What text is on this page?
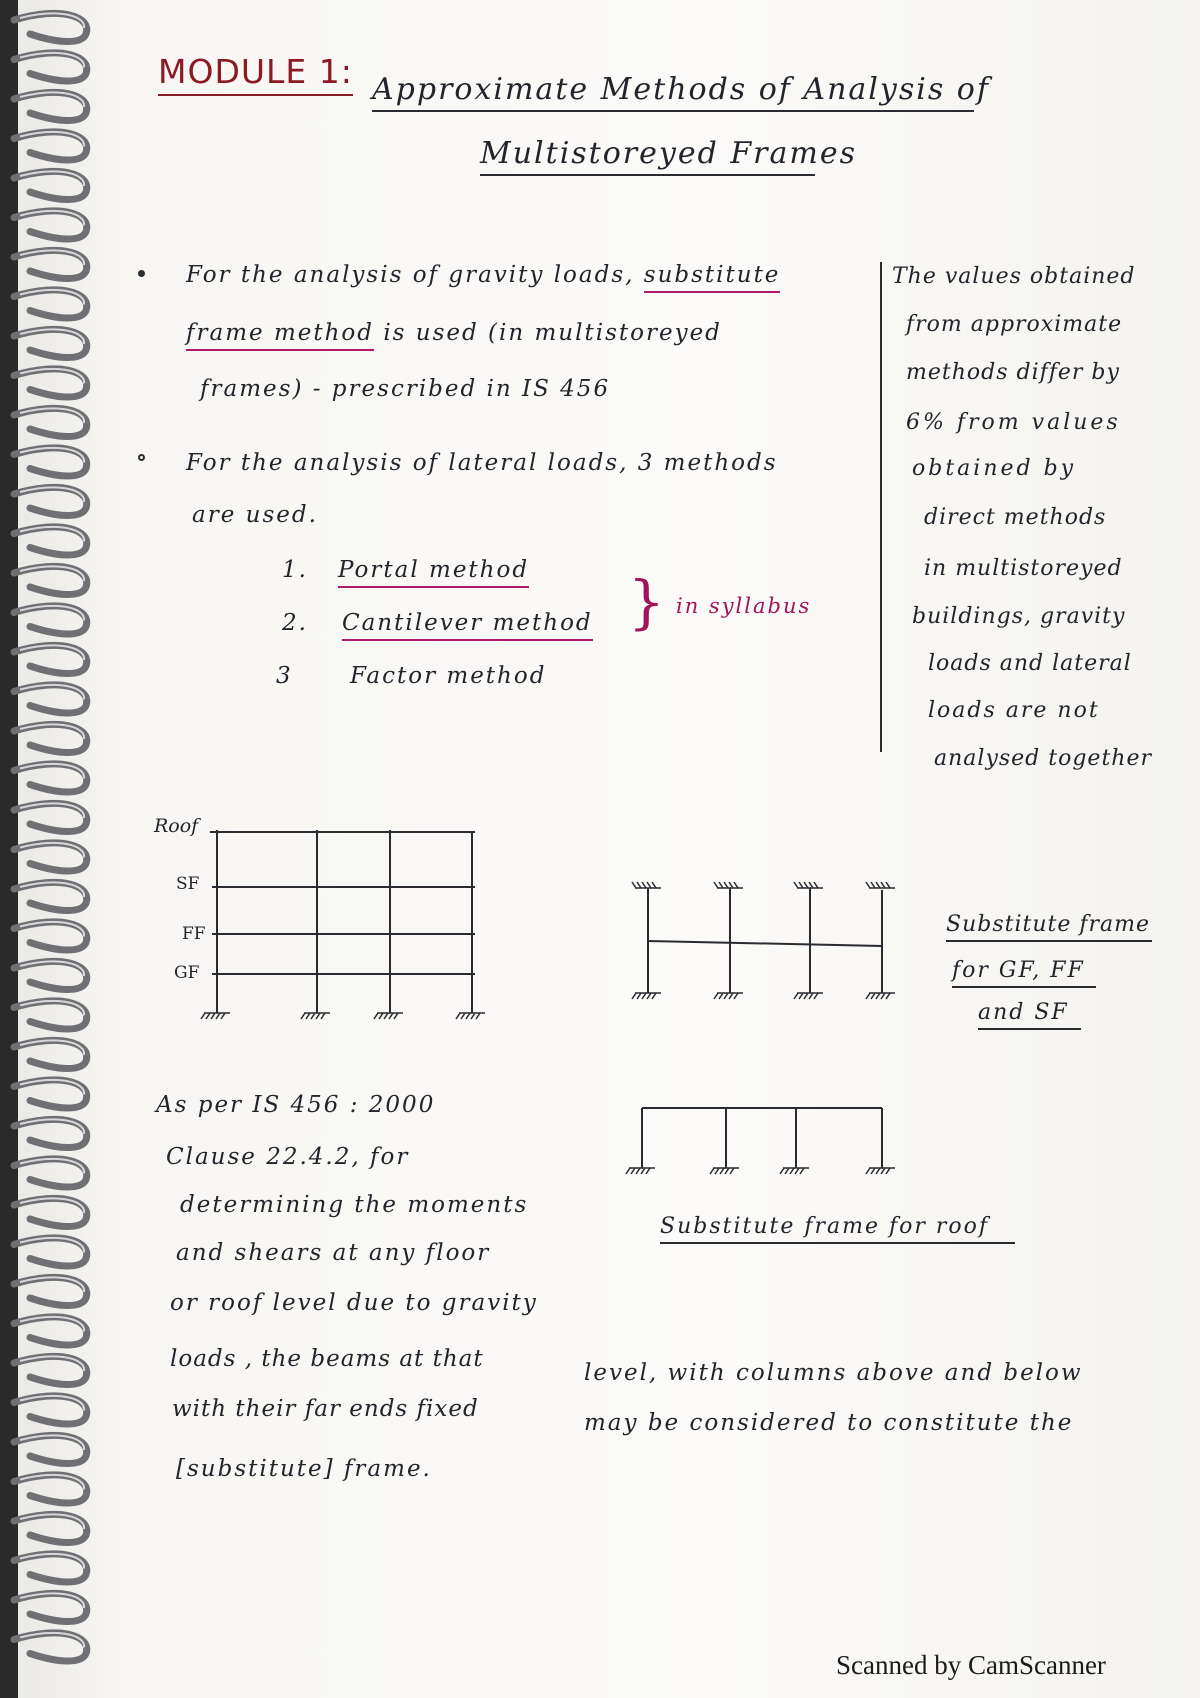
MODULE 1: Approximate Methods of Analysis of
Multistoreyed Frames
For the analysis of gravity loads, substitute
frame method is used (in multistoreyed
frames) - prescribed in IS 456
For the analysis of lateral loads, 3 methods
are used.
1. Portal method
2. Cantilever method
3 Factor method
} in syllabus
The values obtained
from approximate
methods differ by
6% from values
obtained by
direct methods
in multistoreyed
buildings, gravity
loads and lateral
loads are not
analysed together
Roof
SF
FF
GF
Substitute frame
for GF, FF
and SF
Substitute frame for roof
As per IS 456 : 2000
Clause 22.4.2, for
determining the moments
and shears at any floor
or roof level due to gravity
loads , the beams at that
with their far ends fixed
[substitute] frame.
level, with columns above and below
may be considered to constitute the
Scanned by CamScanner
